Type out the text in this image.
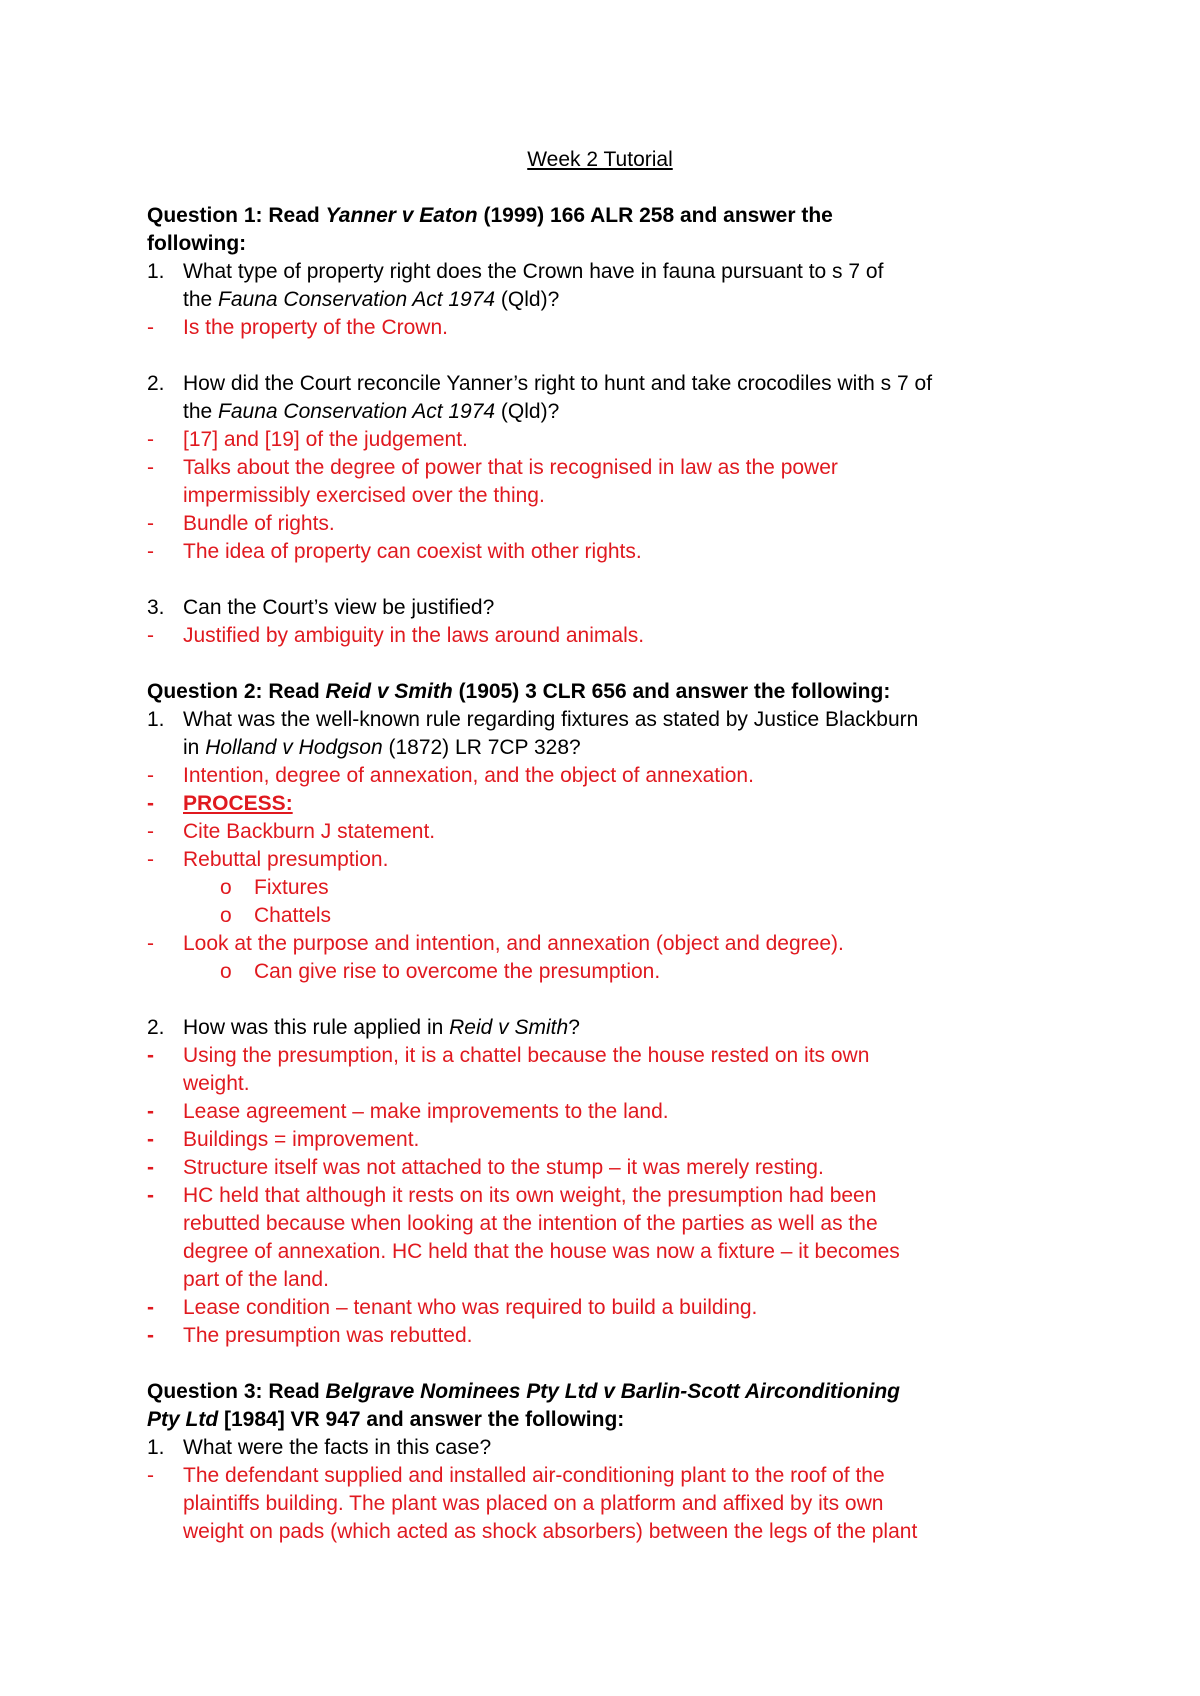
Week 2 Tutorial
Question 1: Read Yanner v Eaton (1999) 166 ALR 258 and answer the
following:
1. What type of property right does the Crown have in fauna pursuant to s 7 of
the Fauna Conservation Act 1974 (Qld)?
- Is the property of the Crown.
2. How did the Court reconcile Yanner’s right to hunt and take crocodiles with s 7 of
the Fauna Conservation Act 1974 (Qld)?
- [17] and [19] of the judgement.
- Talks about the degree of power that is recognised in law as the power
impermissibly exercised over the thing.
- Bundle of rights.
- The idea of property can coexist with other rights.
3. Can the Court’s view be justified?
- Justified by ambiguity in the laws around animals.
Question 2: Read Reid v Smith (1905) 3 CLR 656 and answer the following:
1. What was the well-known rule regarding fixtures as stated by Justice Blackburn
in Holland v Hodgson (1872) LR 7CP 328?
- Intention, degree of annexation, and the object of annexation.
- PROCESS:
- Cite Backburn J statement.
- Rebuttal presumption.
o Fixtures
o Chattels
- Look at the purpose and intention, and annexation (object and degree).
o Can give rise to overcome the presumption.
2. How was this rule applied in Reid v Smith?
- Using the presumption, it is a chattel because the house rested on its own
weight.
- Lease agreement – make improvements to the land.
- Buildings = improvement.
- Structure itself was not attached to the stump – it was merely resting.
- HC held that although it rests on its own weight, the presumption had been
rebutted because when looking at the intention of the parties as well as the
degree of annexation. HC held that the house was now a fixture – it becomes
part of the land.
- Lease condition – tenant who was required to build a building.
- The presumption was rebutted.
Question 3: Read Belgrave Nominees Pty Ltd v Barlin-Scott Airconditioning
Pty Ltd [1984] VR 947 and answer the following:
1. What were the facts in this case?
- The defendant supplied and installed air-conditioning plant to the roof of the
plaintiffs building. The plant was placed on a platform and affixed by its own
weight on pads (which acted as shock absorbers) between the legs of the plant
